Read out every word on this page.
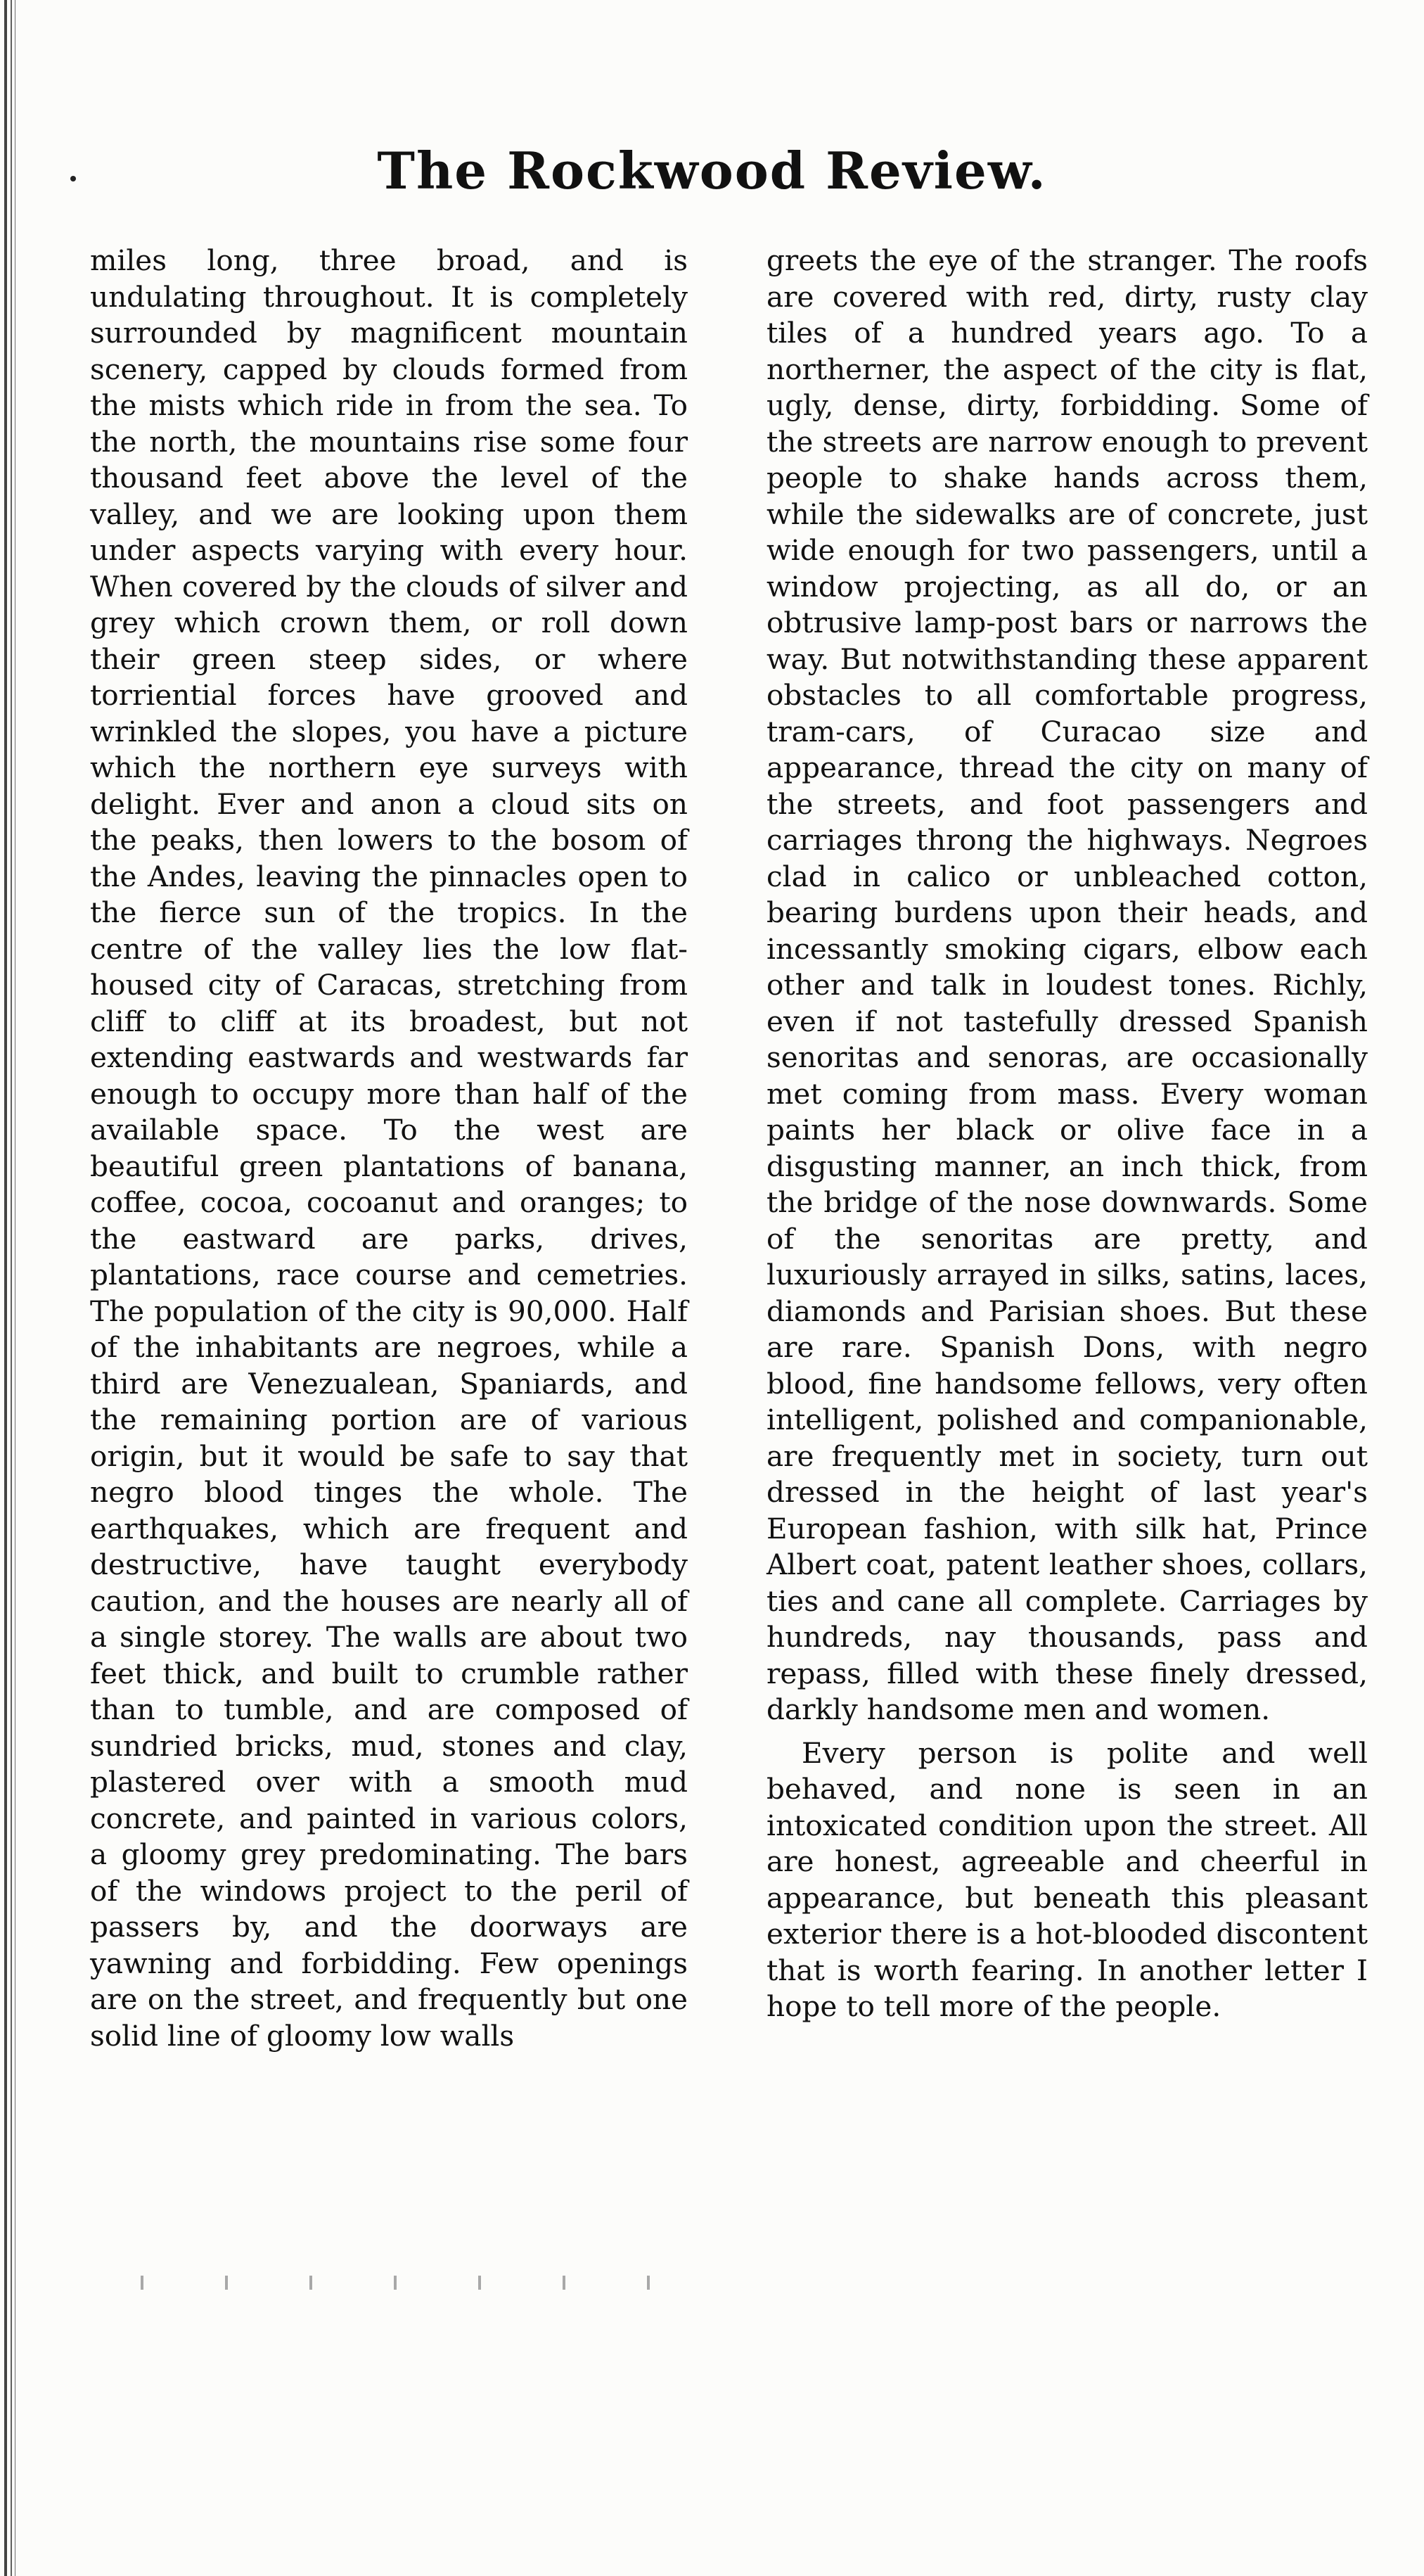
The Rockwood Review.

miles long, three broad, and is undulating throughout. It is completely surrounded by magnificent mountain scenery, capped by clouds formed from the mists which ride in from the sea. To the north, the mountains rise some four thousand feet above the level of the valley, and we are looking upon them under aspects varying with every hour. When covered by the clouds of silver and grey which crown them, or roll down their green steep sides, or where torriential forces have grooved and wrinkled the slopes, you have a picture which the northern eye surveys with delight. Ever and anon a cloud sits on the peaks, then lowers to the bosom of the Andes, leaving the pinnacles open to the fierce sun of the tropics. In the centre of the valley lies the low flat-housed city of Caracas, stretching from cliff to cliff at its broadest, but not extending eastwards and westwards far enough to occupy more than half of the available space. To the west are beautiful green plantations of banana, coffee, cocoa, cocoanut and oranges; to the eastward are parks, drives, plantations, race course and cemetries. The population of the city is 90,000. Half of the inhabitants are negroes, while a third are Venezualean, Spaniards, and the remaining portion are of various origin, but it would be safe to say that negro blood tinges the whole. The earthquakes, which are frequent and destructive, have taught everybody caution, and the houses are nearly all of a single storey. The walls are about two feet thick, and built to crumble rather than to tumble, and are composed of sundried bricks, mud, stones and clay, plastered over with a smooth mud concrete, and painted in various colors, a gloomy grey predominating. The bars of the windows project to the peril of passers by, and the doorways are yawning and forbidding. Few openings are on the street, and frequently but one solid line of gloomy low walls

greets the eye of the stranger. The roofs are covered with red, dirty, rusty clay tiles of a hundred years ago. To a northerner, the aspect of the city is flat, ugly, dense, dirty, forbidding. Some of the streets are narrow enough to prevent people to shake hands across them, while the sidewalks are of concrete, just wide enough for two passengers, until a window projecting, as all do, or an obtrusive lamp-post bars or narrows the way. But notwithstanding these apparent obstacles to all comfortable progress, tram-cars, of Curacao size and appearance, thread the city on many of the streets, and foot passengers and carriages throng the highways. Negroes clad in calico or unbleached cotton, bearing burdens upon their heads, and incessantly smoking cigars, elbow each other and talk in loudest tones. Richly, even if not tastefully dressed Spanish senoritas and senoras, are occasionally met coming from mass. Every woman paints her black or olive face in a disgusting manner, an inch thick, from the bridge of the nose downwards. Some of the senoritas are pretty, and luxuriously arrayed in silks, satins, laces, diamonds and Parisian shoes. But these are rare. Spanish Dons, with negro blood, fine handsome fellows, very often intelligent, polished and companionable, are frequently met in society, turn out dressed in the height of last year's European fashion, with silk hat, Prince Albert coat, patent leather shoes, collars, ties and cane all complete. Carriages by hundreds, nay thousands, pass and repass, filled with these finely dressed, darkly handsome men and women.

Every person is polite and well behaved, and none is seen in an intoxicated condition upon the street. All are honest, agreeable and cheerful in appearance, but beneath this pleasant exterior there is a hot-blooded discontent that is worth fearing. In another letter I hope to tell more of the people.
